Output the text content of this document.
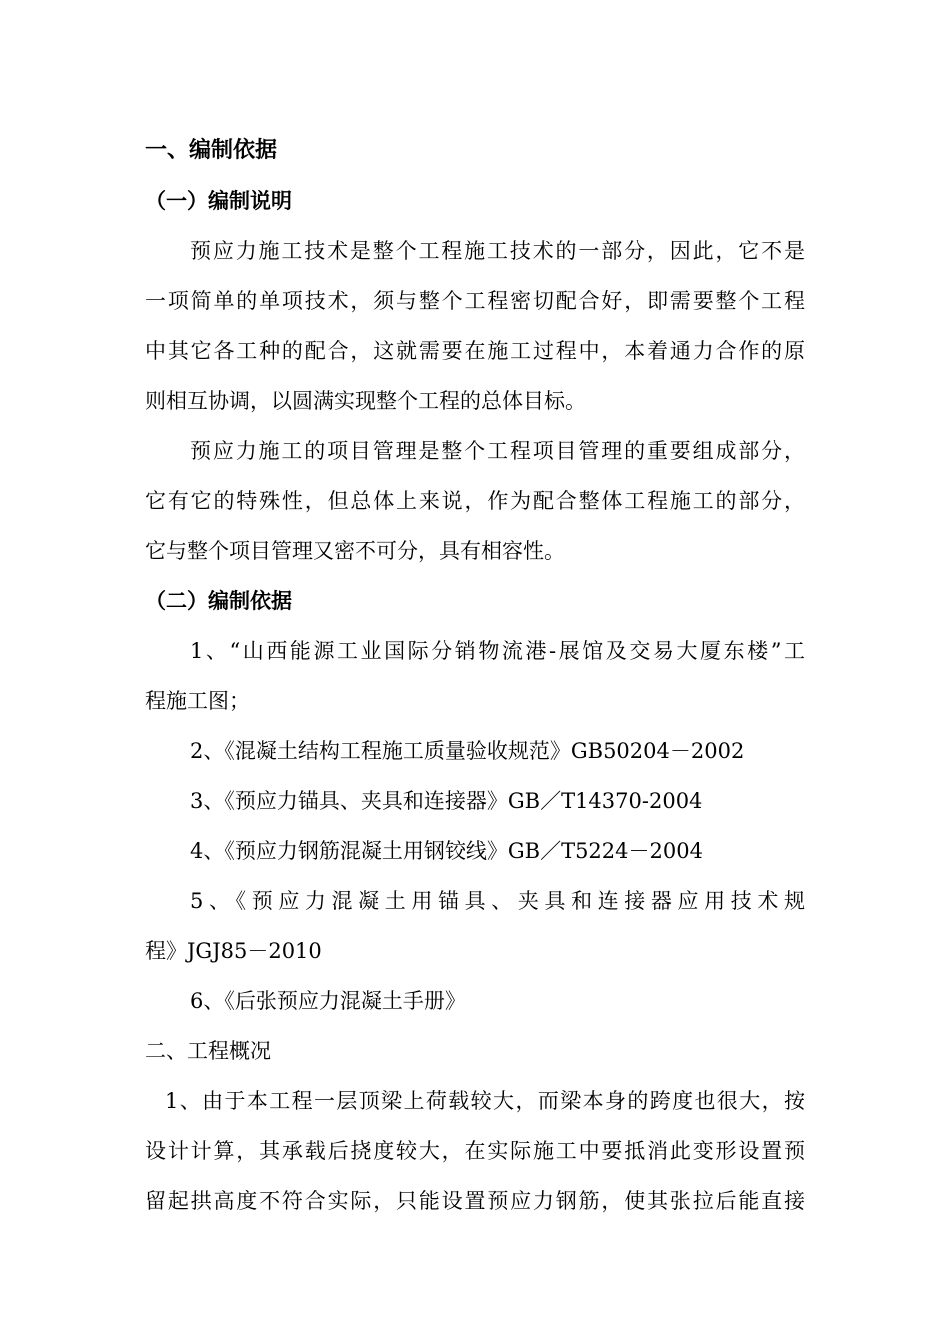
一、编制依据
（一）编制说明
预应力施工技术是整个工程施工技术的一部分，因此，它不是
一项简单的单项技术，须与整个工程密切配合好，即需要整个工程
中其它各工种的配合，这就需要在施工过程中，本着通力合作的原
则相互协调，以圆满实现整个工程的总体目标。
预应力施工的项目管理是整个工程项目管理的重要组成部分，
它有它的特殊性，但总体上来说，作为配合整体工程施工的部分，
它与整个项目管理又密不可分，具有相容性。
（二）编制依据
1、“山西能源工业国际分销物流港-展馆及交易大厦东楼”工
程施工图；
2、《混凝土结构工程施工质量验收规范》GB50204－2002
3、《预应力锚具、夹具和连接器》GB／T14370-2004
4、《预应力钢筋混凝土用钢铰线》GB／T5224－2004
5、《预应力混凝土用锚具、夹具和连接器应用技术规
程》JGJ85－2010
6、《后张预应力混凝土手册》
二、工程概况
1、由于本工程一层顶梁上荷载较大，而梁本身的跨度也很大，按
设计计算，其承载后挠度较大，在实际施工中要抵消此变形设置预
留起拱高度不符合实际，只能设置预应力钢筋，使其张拉后能直接
